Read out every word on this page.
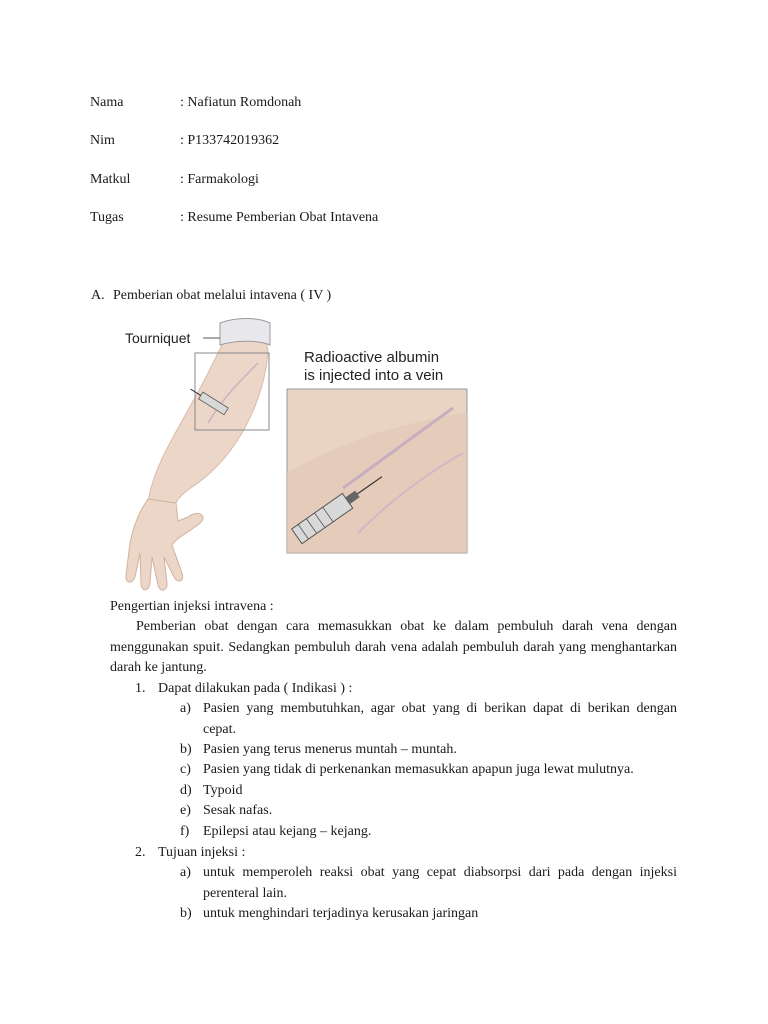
Nama	: Nafiatun Romdonah
Nim	: P133742019362
Matkul	: Farmakologi
Tugas	: Resume Pemberian Obat Intavena
A. Pemberian obat melalui intavena ( IV )
Tourniquet
Radioactive albumin
is injected into a vein
Pengertian injeksi intravena :
Pemberian obat dengan cara memasukkan obat ke dalam pembuluh darah vena dengan menggunakan spuit. Sedangkan pembuluh darah vena adalah pembuluh darah yang menghantarkan darah ke jantung.
1. Dapat dilakukan pada ( Indikasi ) :
a) Pasien yang membutuhkan, agar obat yang di berikan dapat di berikan dengan cepat.
b) Pasien yang terus menerus muntah – muntah.
c) Pasien yang tidak di perkenankan memasukkan apapun juga lewat mulutnya.
d) Typoid
e) Sesak nafas.
f) Epilepsi atau kejang – kejang.
2. Tujuan injeksi :
a) untuk memperoleh reaksi obat yang cepat diabsorpsi dari pada dengan injeksi perenteral lain.
b) untuk menghindari terjadinya kerusakan jaringan
